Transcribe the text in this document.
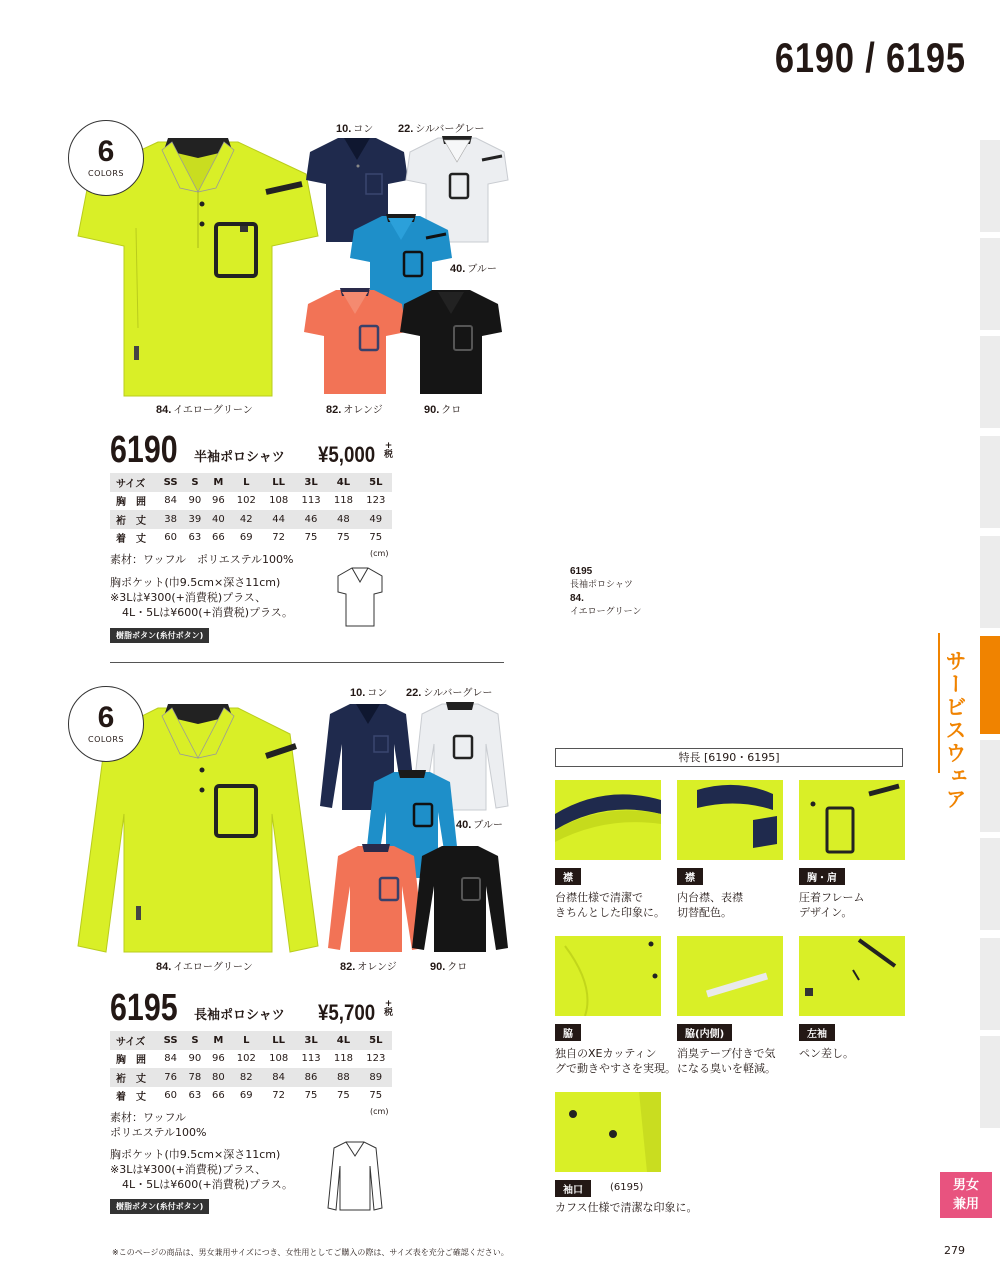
6190 / 6195
サービスウェア
男女
兼用
6
COLORS
10. コン 22. シルバーグレー
40. ブルー
84. イエローグリーン	82. オレンジ	90. クロ
6190 半袖ポロシャツ ¥5,000 +
税
サイズ	SS	S	M	L	LL	3L	4L	5L
胸　囲	84	90	96	102	108	113	118	123
裄　丈	38	39	40	42	44	46	48	49
着　丈	60	63	66	69	72	75	75	75
(cm)
素材：ワッフル　ポリエステル100%
胸ポケット(巾9.5cm×深さ11cm)
※3Lは¥300(+消費税)プラス、
4L・5Lは¥600(+消費税)プラス。
樹脂ボタン(糸付ボタン)
6195
長袖ポロシャツ
84.
イエローグリーン
6
COLORS
10. コン 22. シルバーグレー
40. ブルー
84. イエローグリーン	82. オレンジ	90. クロ
6195 長袖ポロシャツ ¥5,700 +
税
サイズ	SS	S	M	L	LL	3L	4L	5L
胸　囲	84	90	96	102	108	113	118	123
裄　丈	76	78	80	82	84	86	88	89
着　丈	60	63	66	69	72	75	75	75
(cm)
素材：ワッフル
ポリエステル100%
胸ポケット(巾9.5cm×深さ11cm)
※3Lは¥300(+消費税)プラス、
4L・5Lは¥600(+消費税)プラス。
樹脂ボタン(糸付ボタン)
特長 [6190・6195]
襟	襟	胸・肩
台襟仕様で清潔で
きちんとした印象に。
内台襟、表襟
切替配色。
圧着フレーム
デザイン。
脇	脇(内側)	左袖
独自のXEカッティン
グで動きやすさを実現。
消臭テープ付きで気
になる臭いを軽減。
ペン差し。
袖口	(6195)
カフス仕様で清潔な印象に。
※このページの商品は、男女兼用サイズにつき、女性用としてご購入の際は、サイズ表を充分ご確認ください。	279
